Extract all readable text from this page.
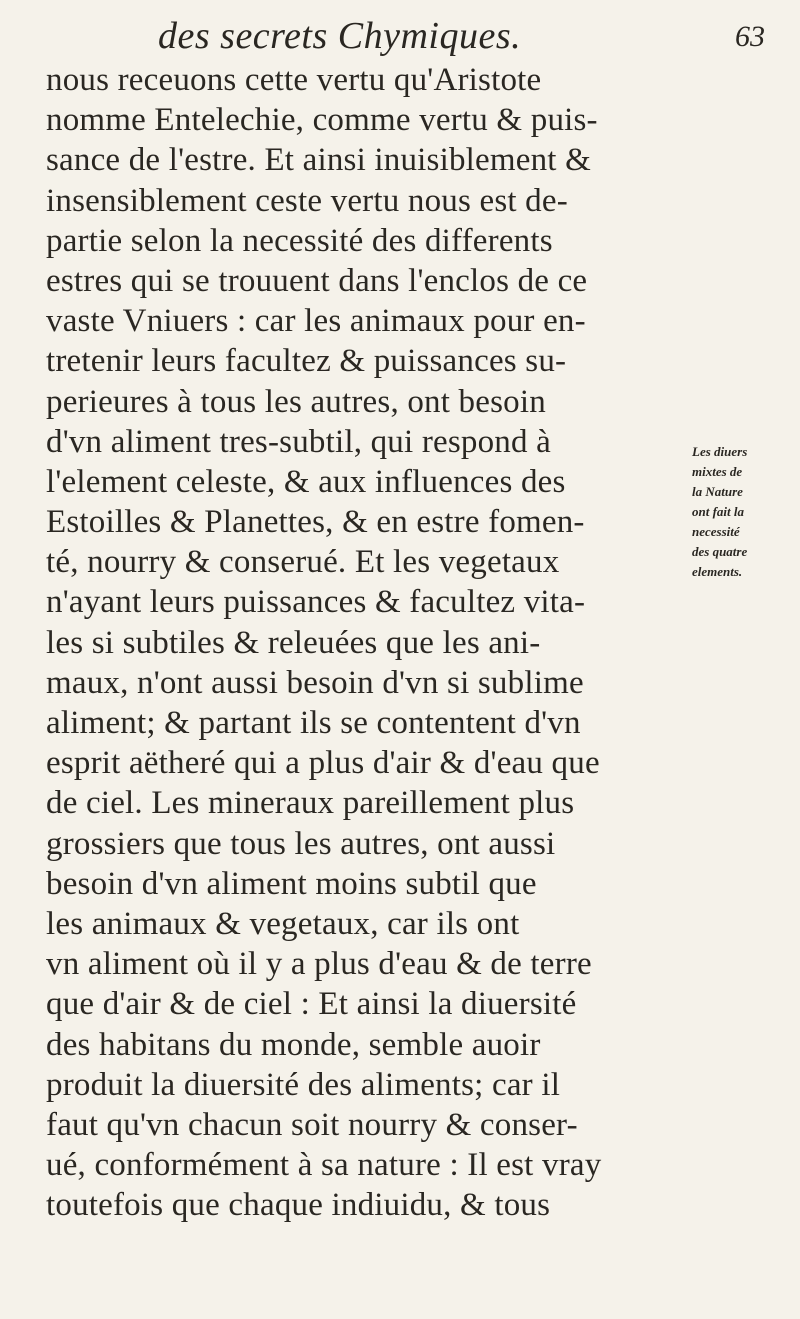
des secrets Chymiques.	63
nous receuons cette vertu qu'Aristote
nomme Entelechie, comme vertu & puis-
sance de l'estre. Et ainsi inuisiblement &
insensiblement ceste vertu nous est de-
partie selon la necessité des differents
estres qui se trouuent dans l'enclos de ce
vaste Vniuers : car les animaux pour en-
tretenir leurs facultez & puissances su-
perieures à tous les autres, ont besoin
d'vn aliment tres-subtil, qui respond à
l'element celeste, & aux influences des
Estoilles & Planettes, & en estre fomen-
té, nourry & conserué. Et les vegetaux
n'ayant leurs puissances & facultez vita-
les si subtiles & releuées que les ani-
maux, n'ont aussi besoin d'vn si sublime
aliment; & partant ils se contentent d'vn
esprit aëtheré qui a plus d'air & d'eau que
de ciel. Les mineraux pareillement plus
grossiers que tous les autres, ont aussi
besoin d'vn aliment moins subtil que
les animaux & vegetaux, car ils ont
vn aliment où il y a plus d'eau & de terre
que d'air & de ciel : Et ainsi la diuersité
des habitans du monde, semble auoir
produit la diuersité des aliments; car il
faut qu'vn chacun soit nourry & conser-
ué, conformément à sa nature : Il est vray
toutefois que chaque indiuidu, & tous
Les diuers
mixtes de
la Nature
ont fait la
necessité
des quatre
elements.
